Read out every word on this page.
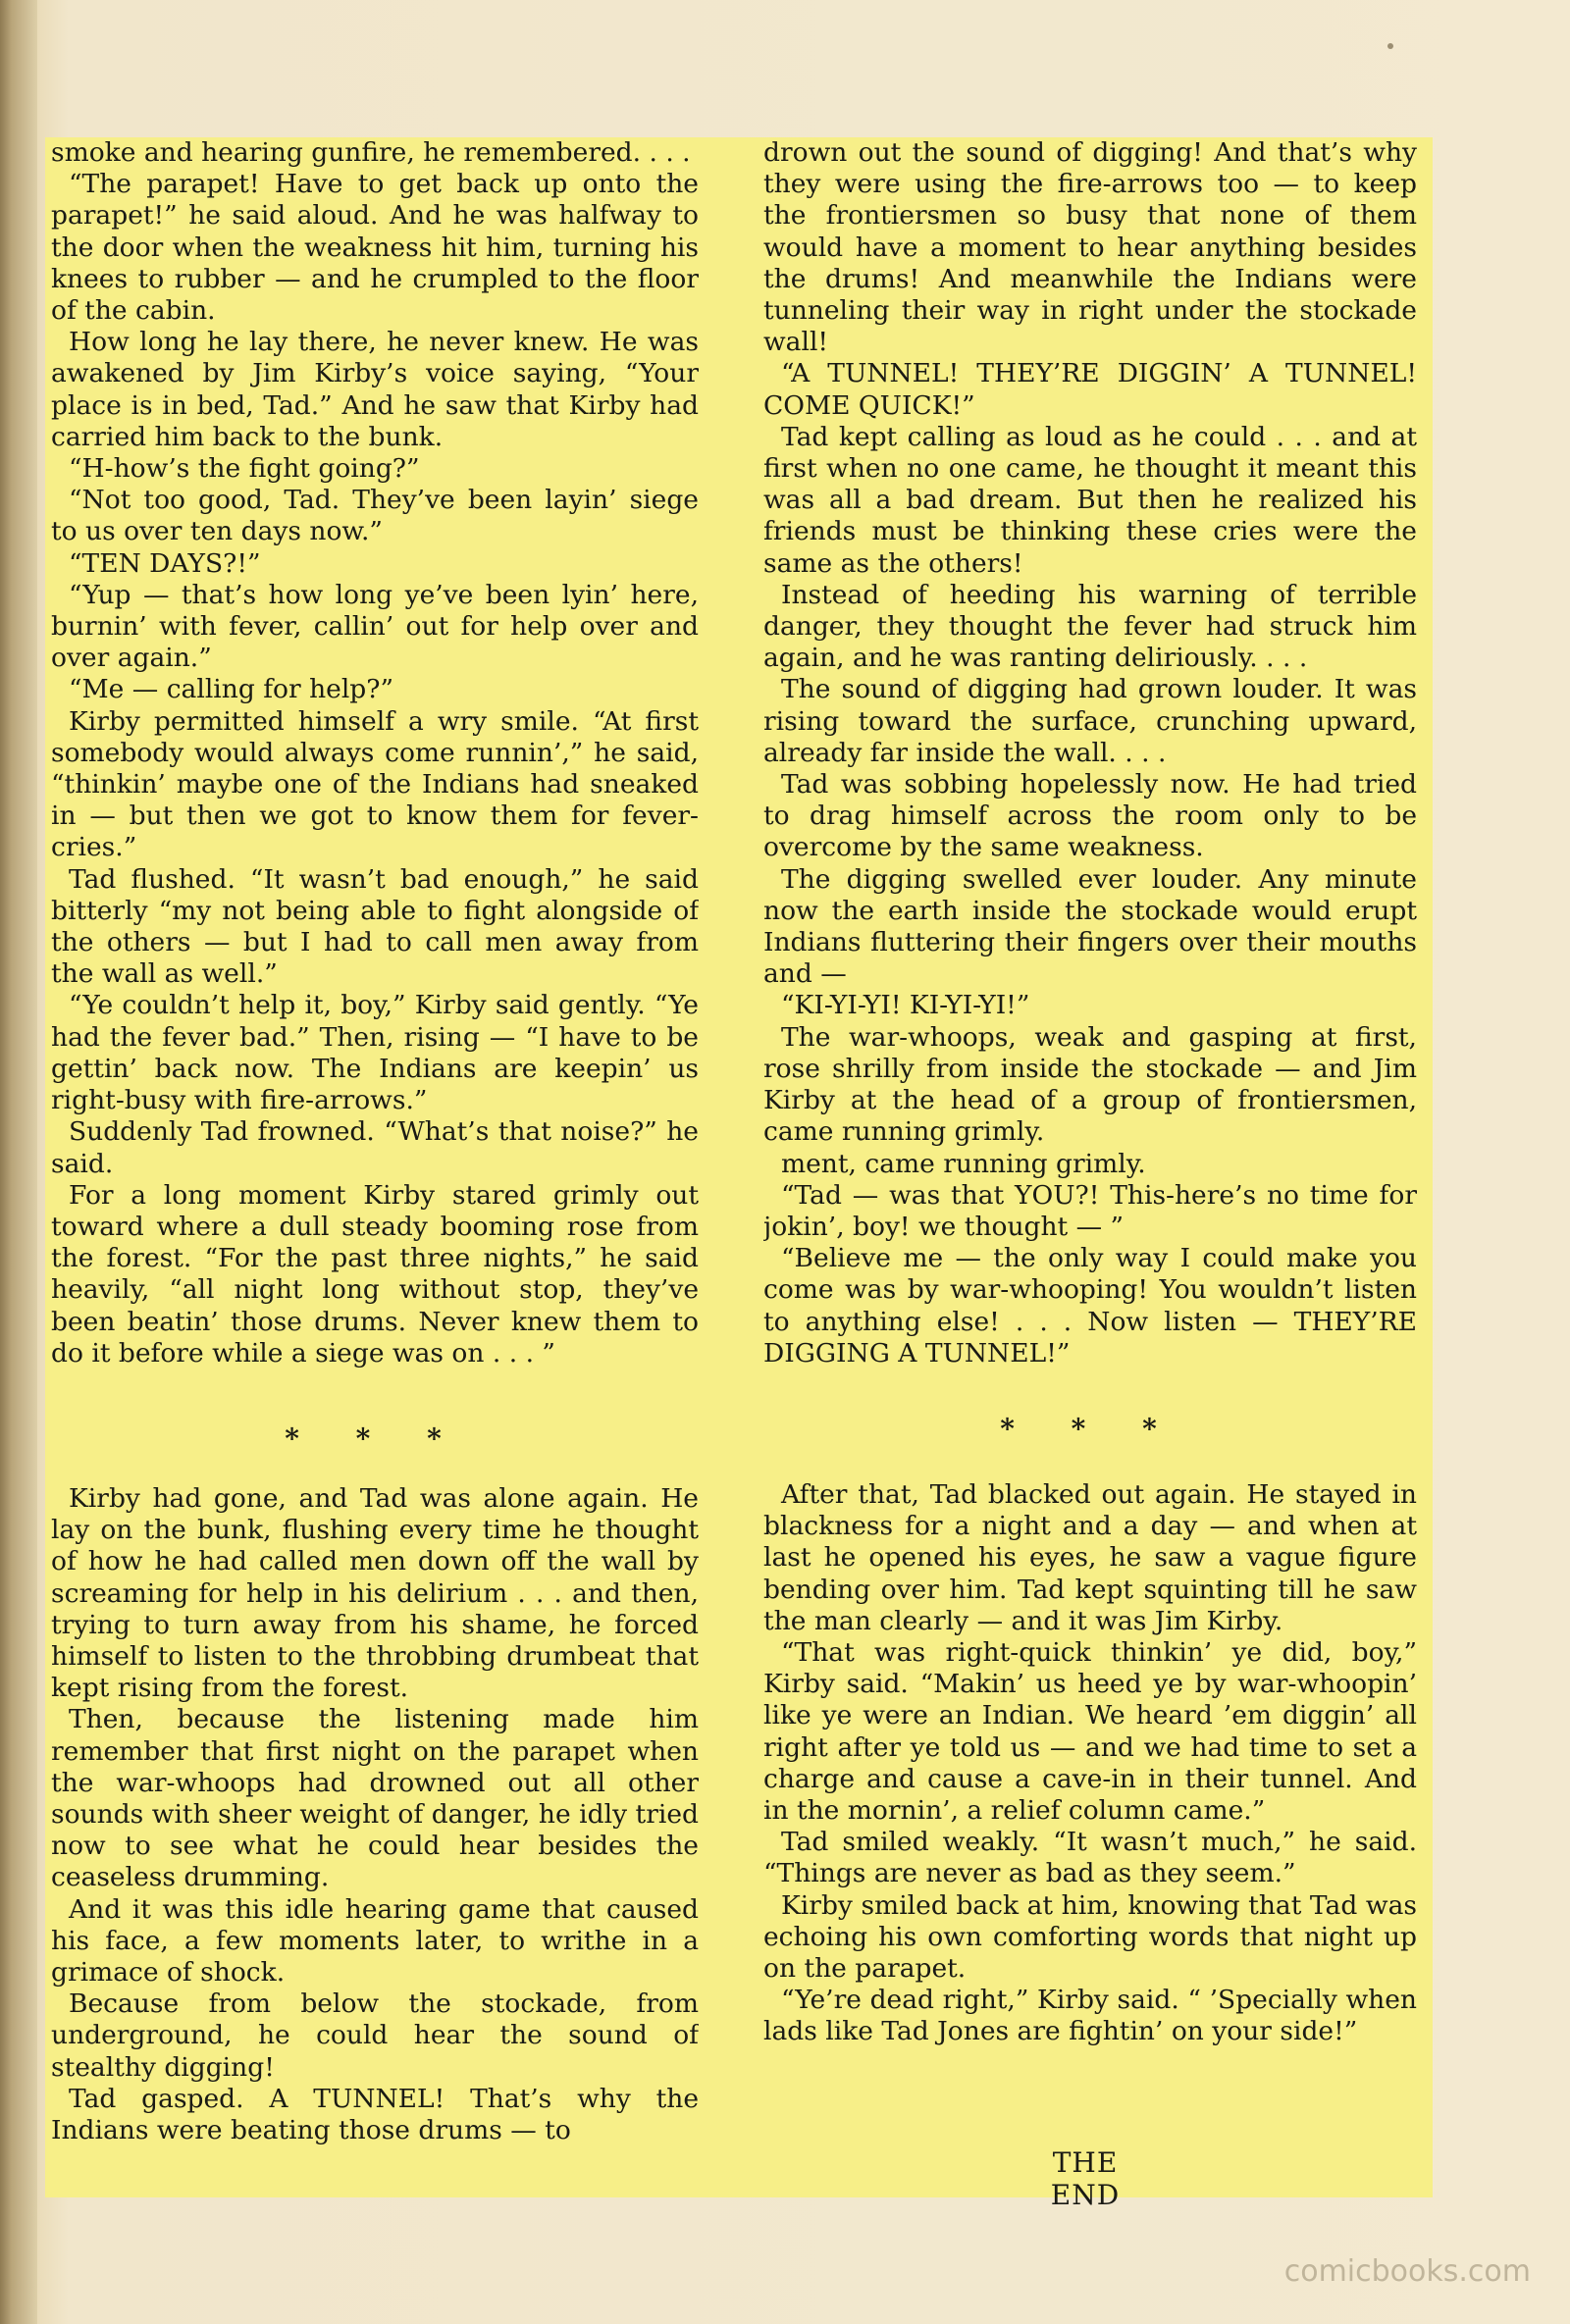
smoke and hearing gunfire, he remembered. . . .

“The parapet! Have to get back up onto the parapet!” he said aloud. And he was halfway to the door when the weakness hit him, turning his knees to rubber — and he crumpled to the floor of the cabin.

How long he lay there, he never knew. He was awakened by Jim Kirby’s voice saying, “Your place is in bed, Tad.” And he saw that Kirby had carried him back to the bunk.

“H-how’s the fight going?”

“Not too good, Tad. They’ve been layin’ siege to us over ten days now.”

“TEN DAYS?!”

“Yup — that’s how long ye’ve been lyin’ here, burnin’ with fever, callin’ out for help over and over again.”

“Me — calling for help?”

Kirby permitted himself a wry smile. “At first somebody would always come runnin’,” he said, “thinkin’ maybe one of the Indians had sneaked in — but then we got to know them for fever-cries.”

Tad flushed. “It wasn’t bad enough,” he said bitterly “my not being able to fight alongside of the others — but I had to call men away from the wall as well.”

“Ye couldn’t help it, boy,” Kirby said gently. “Ye had the fever bad.” Then, rising — “I have to be gettin’ back now. The Indians are keepin’ us right-busy with fire-arrows.”

Suddenly Tad frowned. “What’s that noise?” he said.

For a long moment Kirby stared grimly out toward where a dull steady booming rose from the forest. “For the past three nights,” he said heavily, “all night long without stop, they’ve been beatin’ those drums. Never knew them to do it before while a siege was on . . . ”

* * *

Kirby had gone, and Tad was alone again. He lay on the bunk, flushing every time he thought of how he had called men down off the wall by screaming for help in his delirium . . . and then, trying to turn away from his shame, he forced himself to listen to the throbbing drumbeat that kept rising from the forest.

Then, because the listening made him remember that first night on the parapet when the war-whoops had drowned out all other sounds with sheer weight of danger, he idly tried now to see what he could hear besides the ceaseless drumming.

And it was this idle hearing game that caused his face, a few moments later, to writhe in a grimace of shock.

Because from below the stockade, from underground, he could hear the sound of stealthy digging!

Tad gasped. A TUNNEL! That’s why the Indians were beating those drums — to

drown out the sound of digging! And that’s why they were using the fire-arrows too — to keep the frontiersmen so busy that none of them would have a moment to hear anything besides the drums! And meanwhile the Indians were tunneling their way in right under the stockade wall!

“A TUNNEL! THEY’RE DIGGIN’ A TUNNEL! COME QUICK!”

Tad kept calling as loud as he could . . . and at first when no one came, he thought it meant this was all a bad dream. But then he realized his friends must be thinking these cries were the same as the others!

Instead of heeding his warning of terrible danger, they thought the fever had struck him again, and he was ranting deliriously. . . .

The sound of digging had grown louder. It was rising toward the surface, crunching upward, already far inside the wall. . . .

Tad was sobbing hopelessly now. He had tried to drag himself across the room only to be overcome by the same weakness.

The digging swelled ever louder. Any minute now the earth inside the stockade would erupt Indians fluttering their fingers over their mouths and —

“KI-YI-YI! KI-YI-YI!”

The war-whoops, weak and gasping at first, rose shrilly from inside the stockade — and Jim Kirby at the head of a group of frontiersmen, came running grimly.

ment, came running grimly.

“Tad — was that YOU?! This-here’s no time for jokin’, boy! we thought — ”

“Believe me — the only way I could make you come was by war-whooping! You wouldn’t listen to anything else! . . . Now listen — THEY’RE DIGGING A TUNNEL!”

* * *

After that, Tad blacked out again. He stayed in blackness for a night and a day — and when at last he opened his eyes, he saw a vague figure bending over him. Tad kept squinting till he saw the man clearly — and it was Jim Kirby.

“That was right-quick thinkin’ ye did, boy,” Kirby said. “Makin’ us heed ye by war-whoopin’ like ye were an Indian. We heard ’em diggin’ all right after ye told us — and we had time to set a charge and cause a cave-in in their tunnel. And in the mornin’, a relief column came.”

Tad smiled weakly. “It wasn’t much,” he said. “Things are never as bad as they seem.”

Kirby smiled back at him, knowing that Tad was echoing his own comforting words that night up on the parapet.

“Ye’re dead right,” Kirby said. “ ’Specially when lads like Tad Jones are fightin’ on your side!”

THE END
comicbooks.com
